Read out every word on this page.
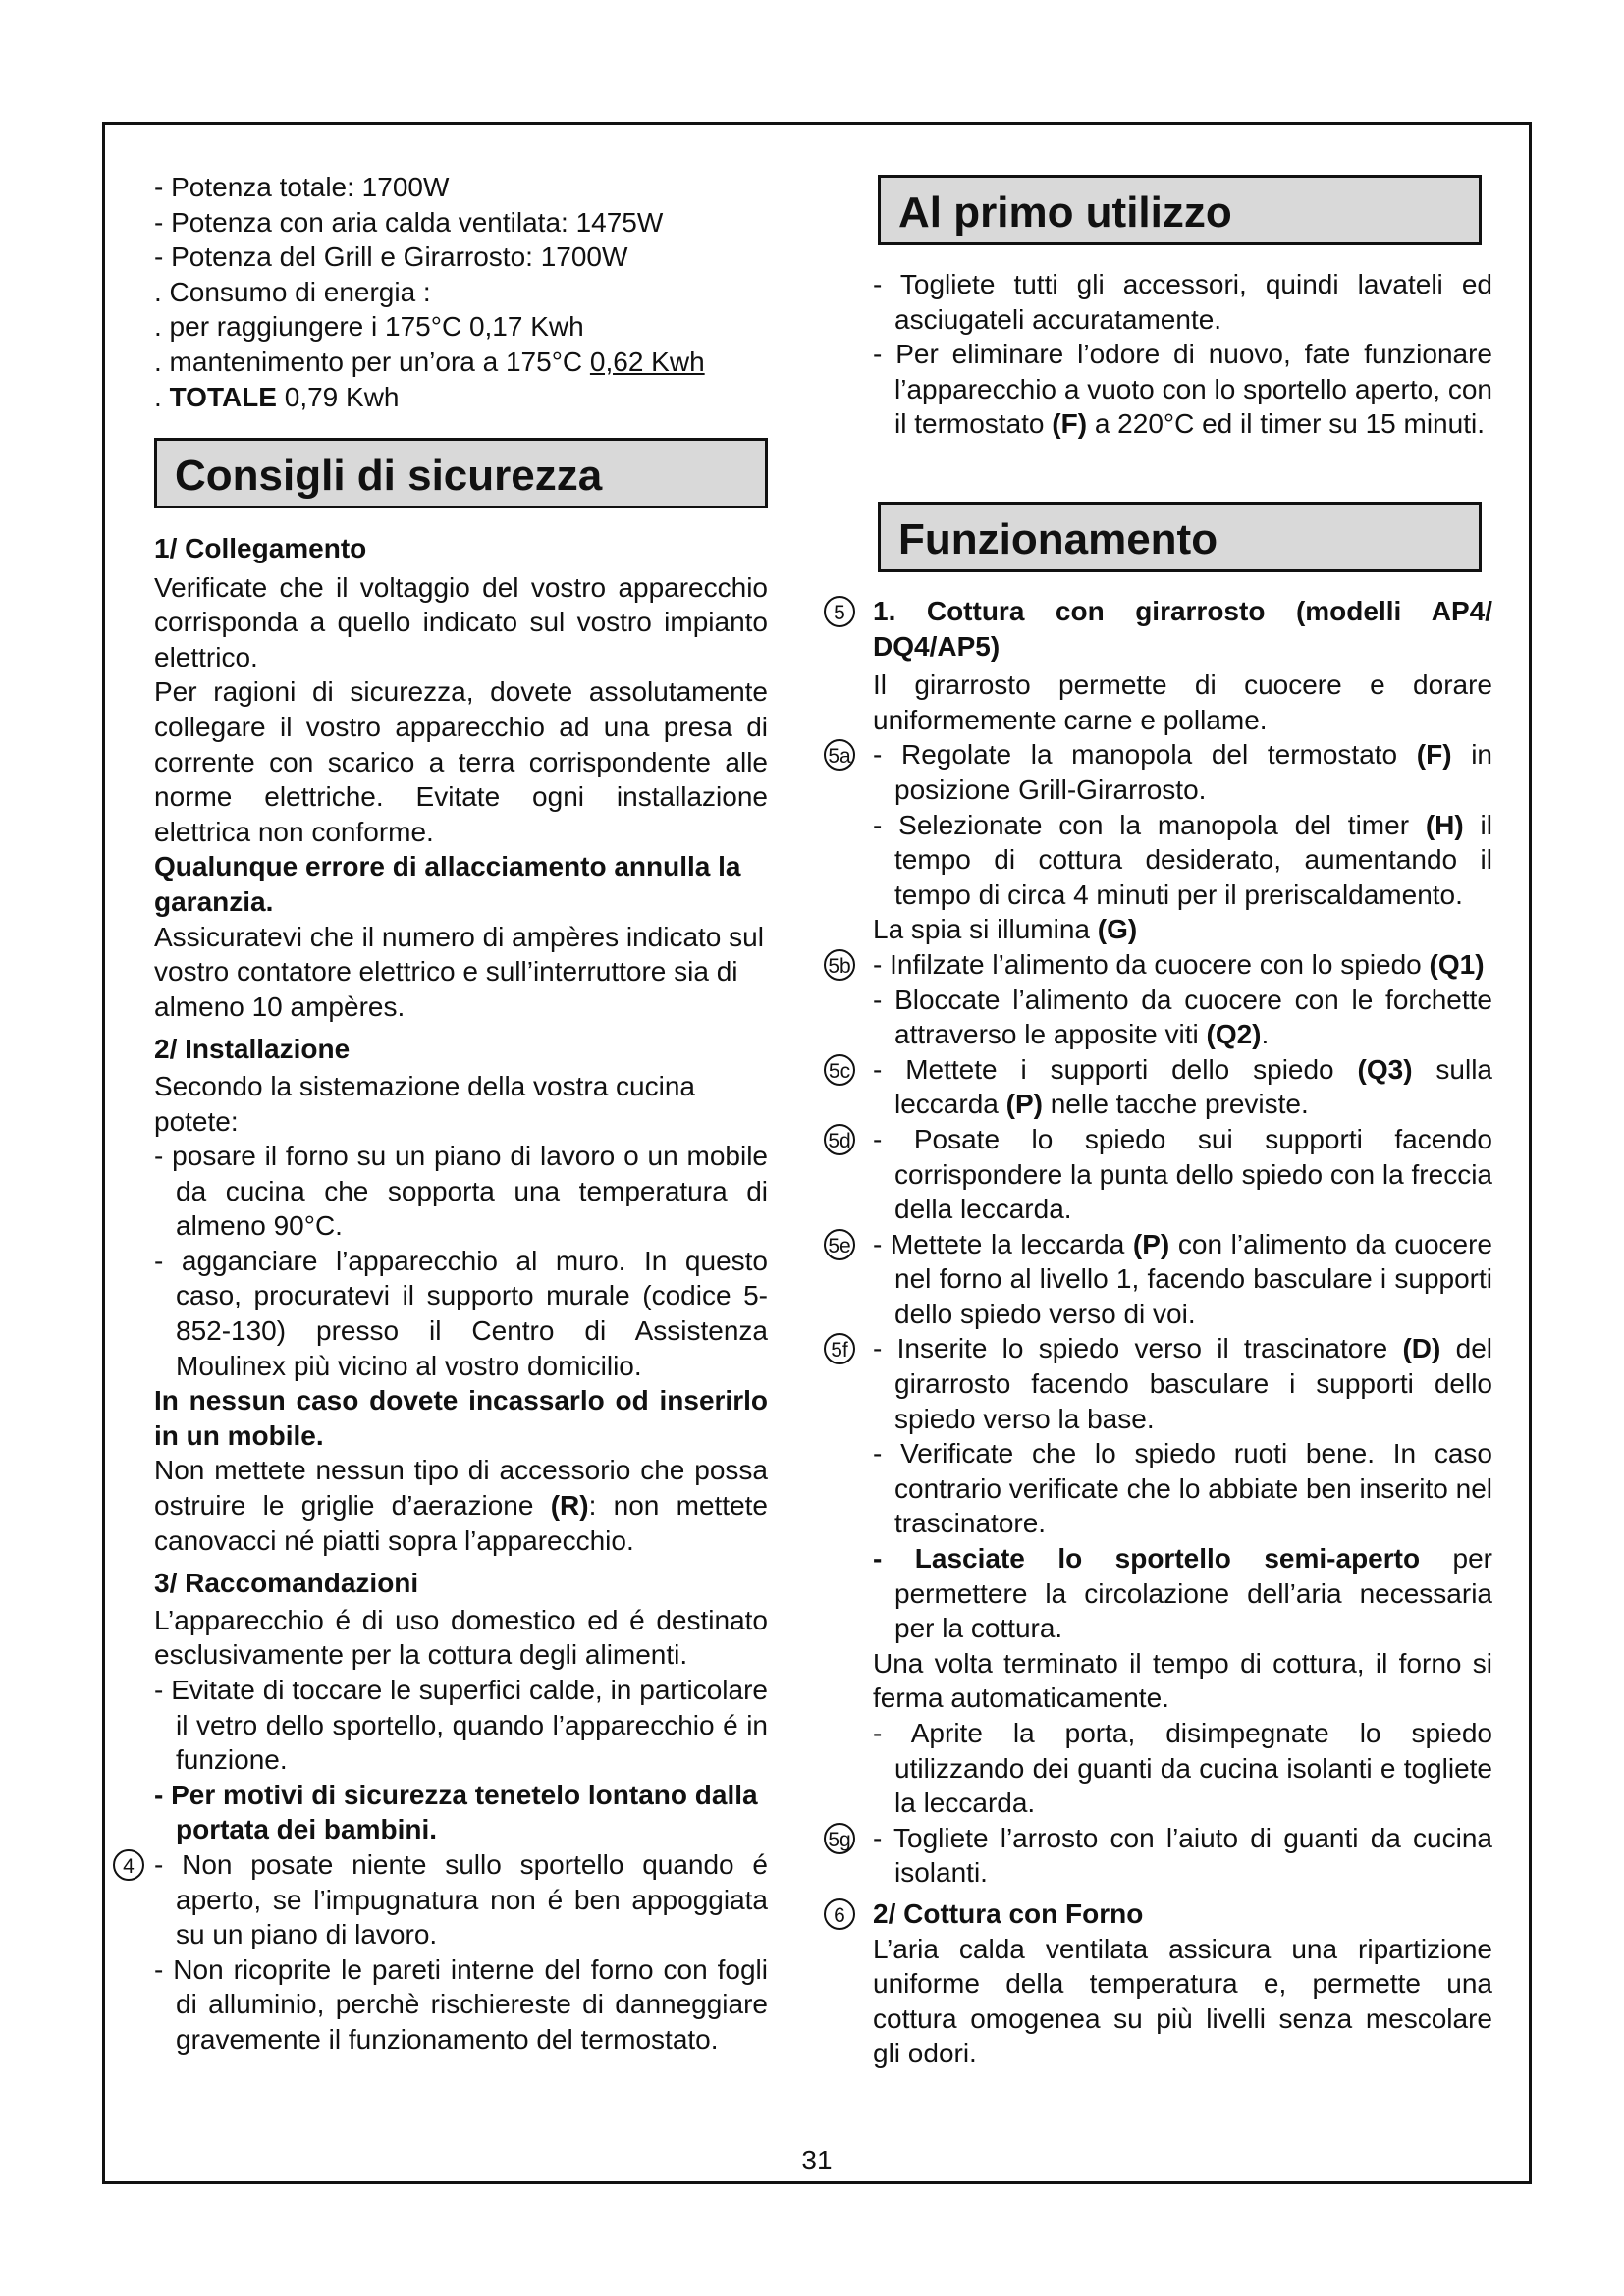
- Potenza totale: 1700W

- Potenza con aria calda ventilata: 1475W

- Potenza del Grill e Girarrosto: 1700W

. Consumo di energia :

. per raggiungere i 175°C 0,17 Kwh

. mantenimento per un’ora a 175°C 0,62 Kwh

. TOTALE 0,79 Kwh

Consigli di sicurezza

1/ Collegamento

Verificate che il voltaggio del vostro apparecchio corrisponda a quello indicato sul vostro impianto elettrico.

Per ragioni di sicurezza, dovete assolutamente collegare il vostro apparecchio ad una presa di corrente con scarico a terra corrispondente alle norme elettriche. Evitate ogni installazione elettrica non conforme.

Qualunque errore di allacciamento annulla la garanzia.

Assicuratevi che il numero di ampères indicato sul vostro contatore elettrico e sull’interruttore sia di almeno 10 ampères.

2/ Installazione

Secondo la sistemazione della vostra cucina potete:

- posare il forno su un piano di lavoro o un mobile da cucina che sopporta una temperatura di almeno 90°C.

- agganciare l’apparecchio al muro. In questo caso, procuratevi il supporto murale (codice 5-852-130) presso il Centro di Assistenza Moulinex più vicino al vostro domicilio.

In nessun caso dovete incassarlo od inserirlo in un mobile.

Non mettete nessun tipo di accessorio che possa ostruire le griglie d’aerazione (R): non mettete canovacci né piatti sopra l’apparecchio.

3/ Raccomandazioni

L’apparecchio é di uso domestico ed é destinato esclusivamente per la cottura degli alimenti.

- Evitate di toccare le superfici calde, in particolare il vetro dello sportello, quando l’apparecchio é in funzione.

- Per motivi di sicurezza tenetelo lontano dalla portata dei bambini.

4 - Non posate niente sullo sportello quando é aperto, se l’impugnatura non é ben appoggiata su un piano di lavoro.

- Non ricoprite le pareti interne del forno con fogli di alluminio, perchè rischiereste di danneggiare gravemente il funzionamento del termostato.

Al primo utilizzo

- Togliete tutti gli accessori, quindi lavateli ed asciugateli accuratamente.

- Per eliminare l’odore di nuovo, fate funzionare l’apparecchio a vuoto con lo sportello aperto, con il termostato (F) a 220°C ed il timer su 15 minuti.

Funzionamento
5	1. Cottura con girarrosto (modelli AP4/ DQ4/AP5)

Il girarrosto permette di cuocere e dorare uniformemente carne e pollame.

5a - Regolate la manopola del termostato (F) in posizione Grill-Girarrosto.

- Selezionate con la manopola del timer (H) il tempo di cottura desiderato, aumentando il tempo di circa 4 minuti per il preriscaldamento.

La spia si illumina (G)

5b - Infilzate l’alimento da cuocere con lo spiedo (Q1)

- Bloccate l’alimento da cuocere con le forchette attraverso le apposite viti (Q2).

5c - Mettete i supporti dello spiedo (Q3) sulla leccarda (P) nelle tacche previste.

5d - Posate lo spiedo sui supporti facendo corrispondere la punta dello spiedo con la freccia della leccarda.

5e - Mettete la leccarda (P) con l’alimento da cuocere nel forno al livello 1, facendo basculare i supporti dello spiedo verso di voi.

5f - Inserite lo spiedo verso il trascinatore (D) del girarrosto facendo basculare i supporti dello spiedo verso la base.

- Verificate che lo spiedo ruoti bene. In caso contrario verificate che lo abbiate ben inserito nel trascinatore.

- Lasciate lo sportello semi-aperto per permettere la circolazione dell’aria necessaria per la cottura.

Una volta terminato il tempo di cottura, il forno si ferma automaticamente.

- Aprite la porta, disimpegnate lo spiedo utilizzando dei guanti da cucina isolanti e togliete la leccarda.

5g - Togliete l’arrosto con l’aiuto di guanti da cucina isolanti.

6	2/ Cottura con Forno

L’aria calda ventilata assicura una ripartizione uniforme della temperatura e, permette una cottura omogenea su più livelli senza mescolare gli odori.

31
